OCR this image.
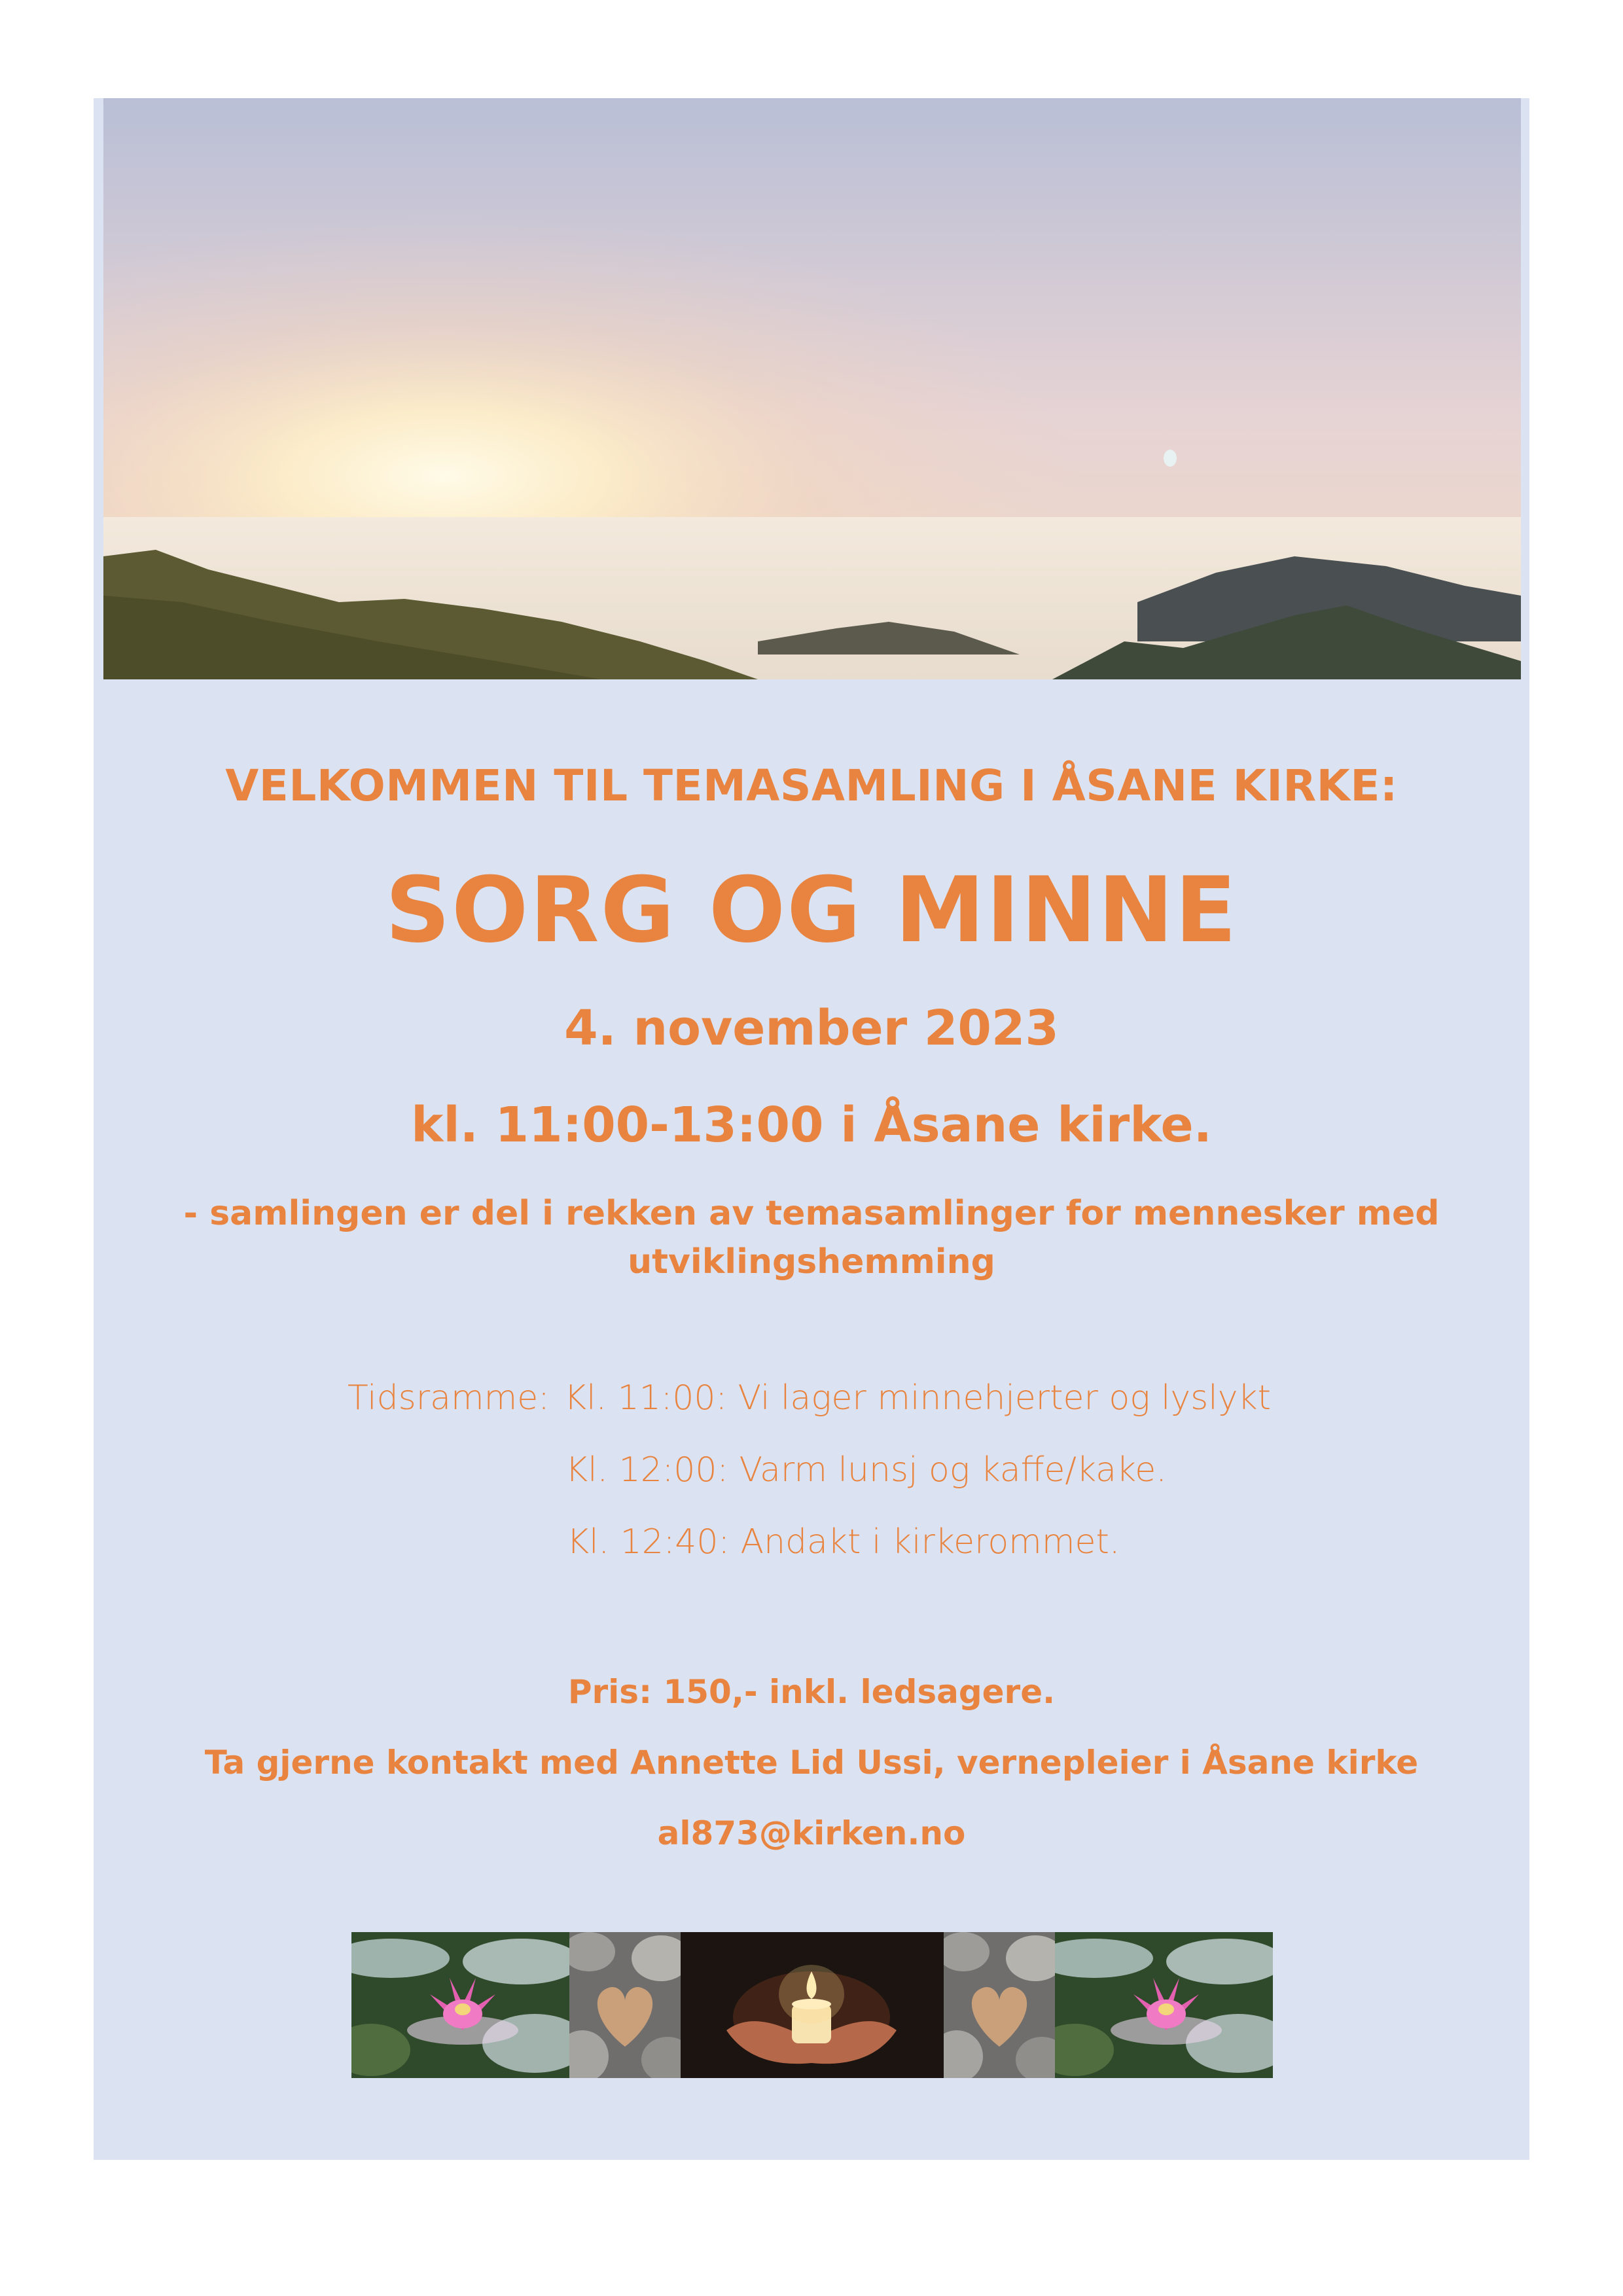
VELKOMMEN TIL TEMASAMLING I ÅSANE KIRKE:
SORG OG MINNE
4. november 2023
kl. 11:00-13:00 i Åsane kirke.
- samlingen er del i rekken av temasamlinger for mennesker med
utviklingshemming
Tidsramme: Kl. 11:00: Vi lager minnehjerter og lyslykt
Kl. 12:00: Varm lunsj og kaffe/kake.
Kl. 12:40: Andakt i kirkerommet.
Pris: 150,- inkl. ledsagere.
Ta gjerne kontakt med Annette Lid Ussi, vernepleier i Åsane kirke
al873@kirken.no
